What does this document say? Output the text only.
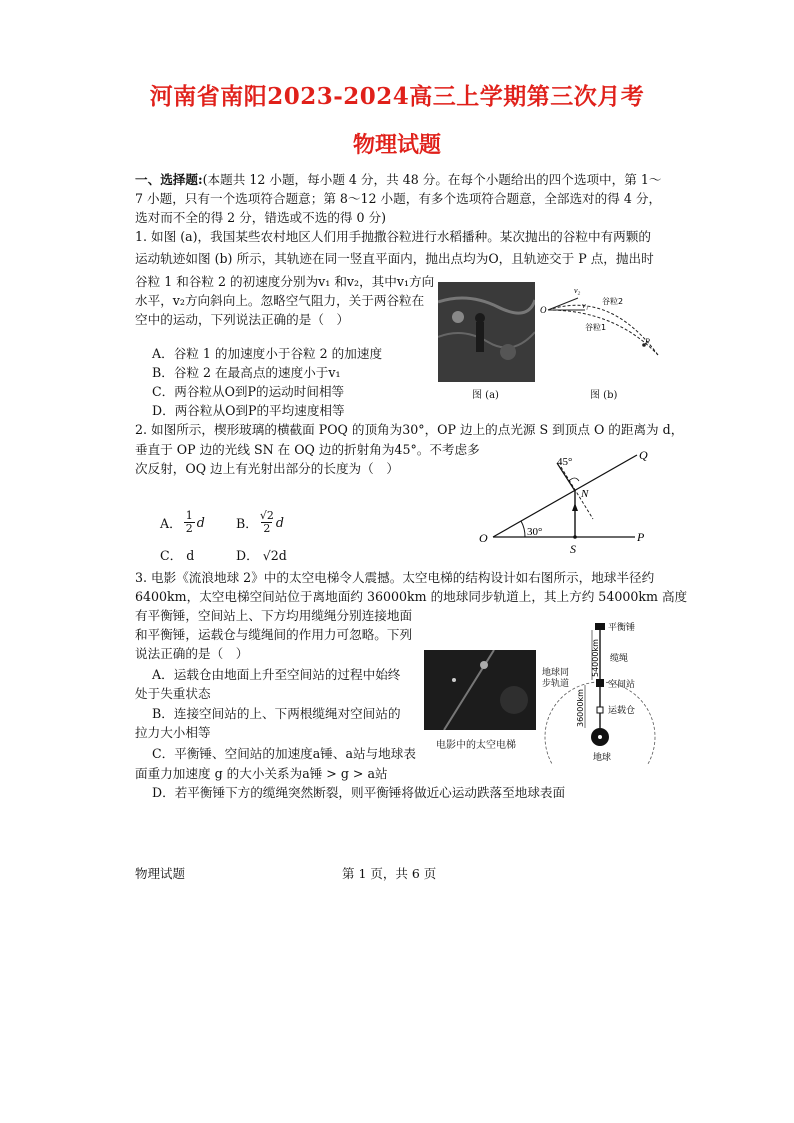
河南省南阳2023-2024高三上学期第三次月考
物理试题
一、选择题:(本题共 12 小题，每小题 4 分，共 48 分。在每个小题给出的四个选项中，第 1～
7 小题，只有一个选项符合题意；第 8～12 小题，有多个选项符合题意，全部选对的得 4 分，
选对而不全的得 2 分，错选或不选的得 0 分)
1. 如图 (a)，我国某些农村地区人们用手抛撒谷粒进行水稻播种。某次抛出的谷粒中有两颗的
运动轨迹如图 (b) 所示，其轨迹在同一竖直平面内，抛出点均为O，且轨迹交于 P 点，抛出时
谷粒 1 和谷粒 2 的初速度分别为v₁ 和v₂，其中v₁方向
水平，v₂方向斜向上。忽略空气阻力，关于两谷粒在
空中的运动，下列说法正确的是（　）
A．谷粒 1 的加速度小于谷粒 2 的加速度
B．谷粒 2 在最高点的速度小于v₁
C．两谷粒从O到P的运动时间相等
D．两谷粒从O到P的平均速度相等
图 (a)
O
v₂
v₁ 谷粒2
谷粒1
P
图 (b)
2. 如图所示，楔形玻璃的横截面 POQ 的顶角为30°，OP 边上的点光源 S 到顶点 O 的距离为 d，
垂直于 OP 边的光线 SN 在 OQ 边的折射角为45°。不考虑多
次反射，OQ 边上有光射出部分的长度为（　）
A． $\frac{1}{2}$ d B． $\frac{√2}{2}$ d
C． d	D． √2d
O	P
Q
S
N
45°
30°
3. 电影《流浪地球 2》中的太空电梯令人震撼。太空电梯的结构设计如右图所示，地球半径约
6400km，太空电梯空间站位于离地面约 36000km 的地球同步轨道上，其上方约 54000km 高度
有平衡锤，空间站上、下方均用缆绳分别连接地面
和平衡锤，运载仓与缆绳间的作用力可忽略。下列
说法正确的是（　）
A．运载仓由地面上升至空间站的过程中始终
处于失重状态
B．连接空间站的上、下两根缆绳对空间站的
拉力大小相等
C．平衡锤、空间站的加速度a锤、a站与地球表
面重力加速度 g 的大小关系为a锤 > g > a站
D．若平衡锤下方的缆绳突然断裂，则平衡锤将做近心运动跌落至地球表面
电影中的太空电梯
平衡锤
缆绳
空间站
运载仓
地球
54000km
36000km
地球同步轨道
物理试题	第 1 页，共 6 页
